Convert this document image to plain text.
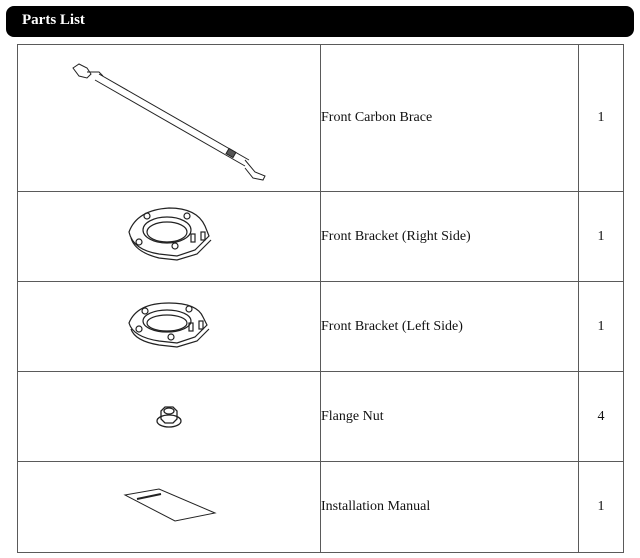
Parts List
	Front Carbon Brace	1

	Front Bracket (Right Side)	1

	Front Bracket (Left Side)	1

	Flange Nut	4

	Installation Manual	1
